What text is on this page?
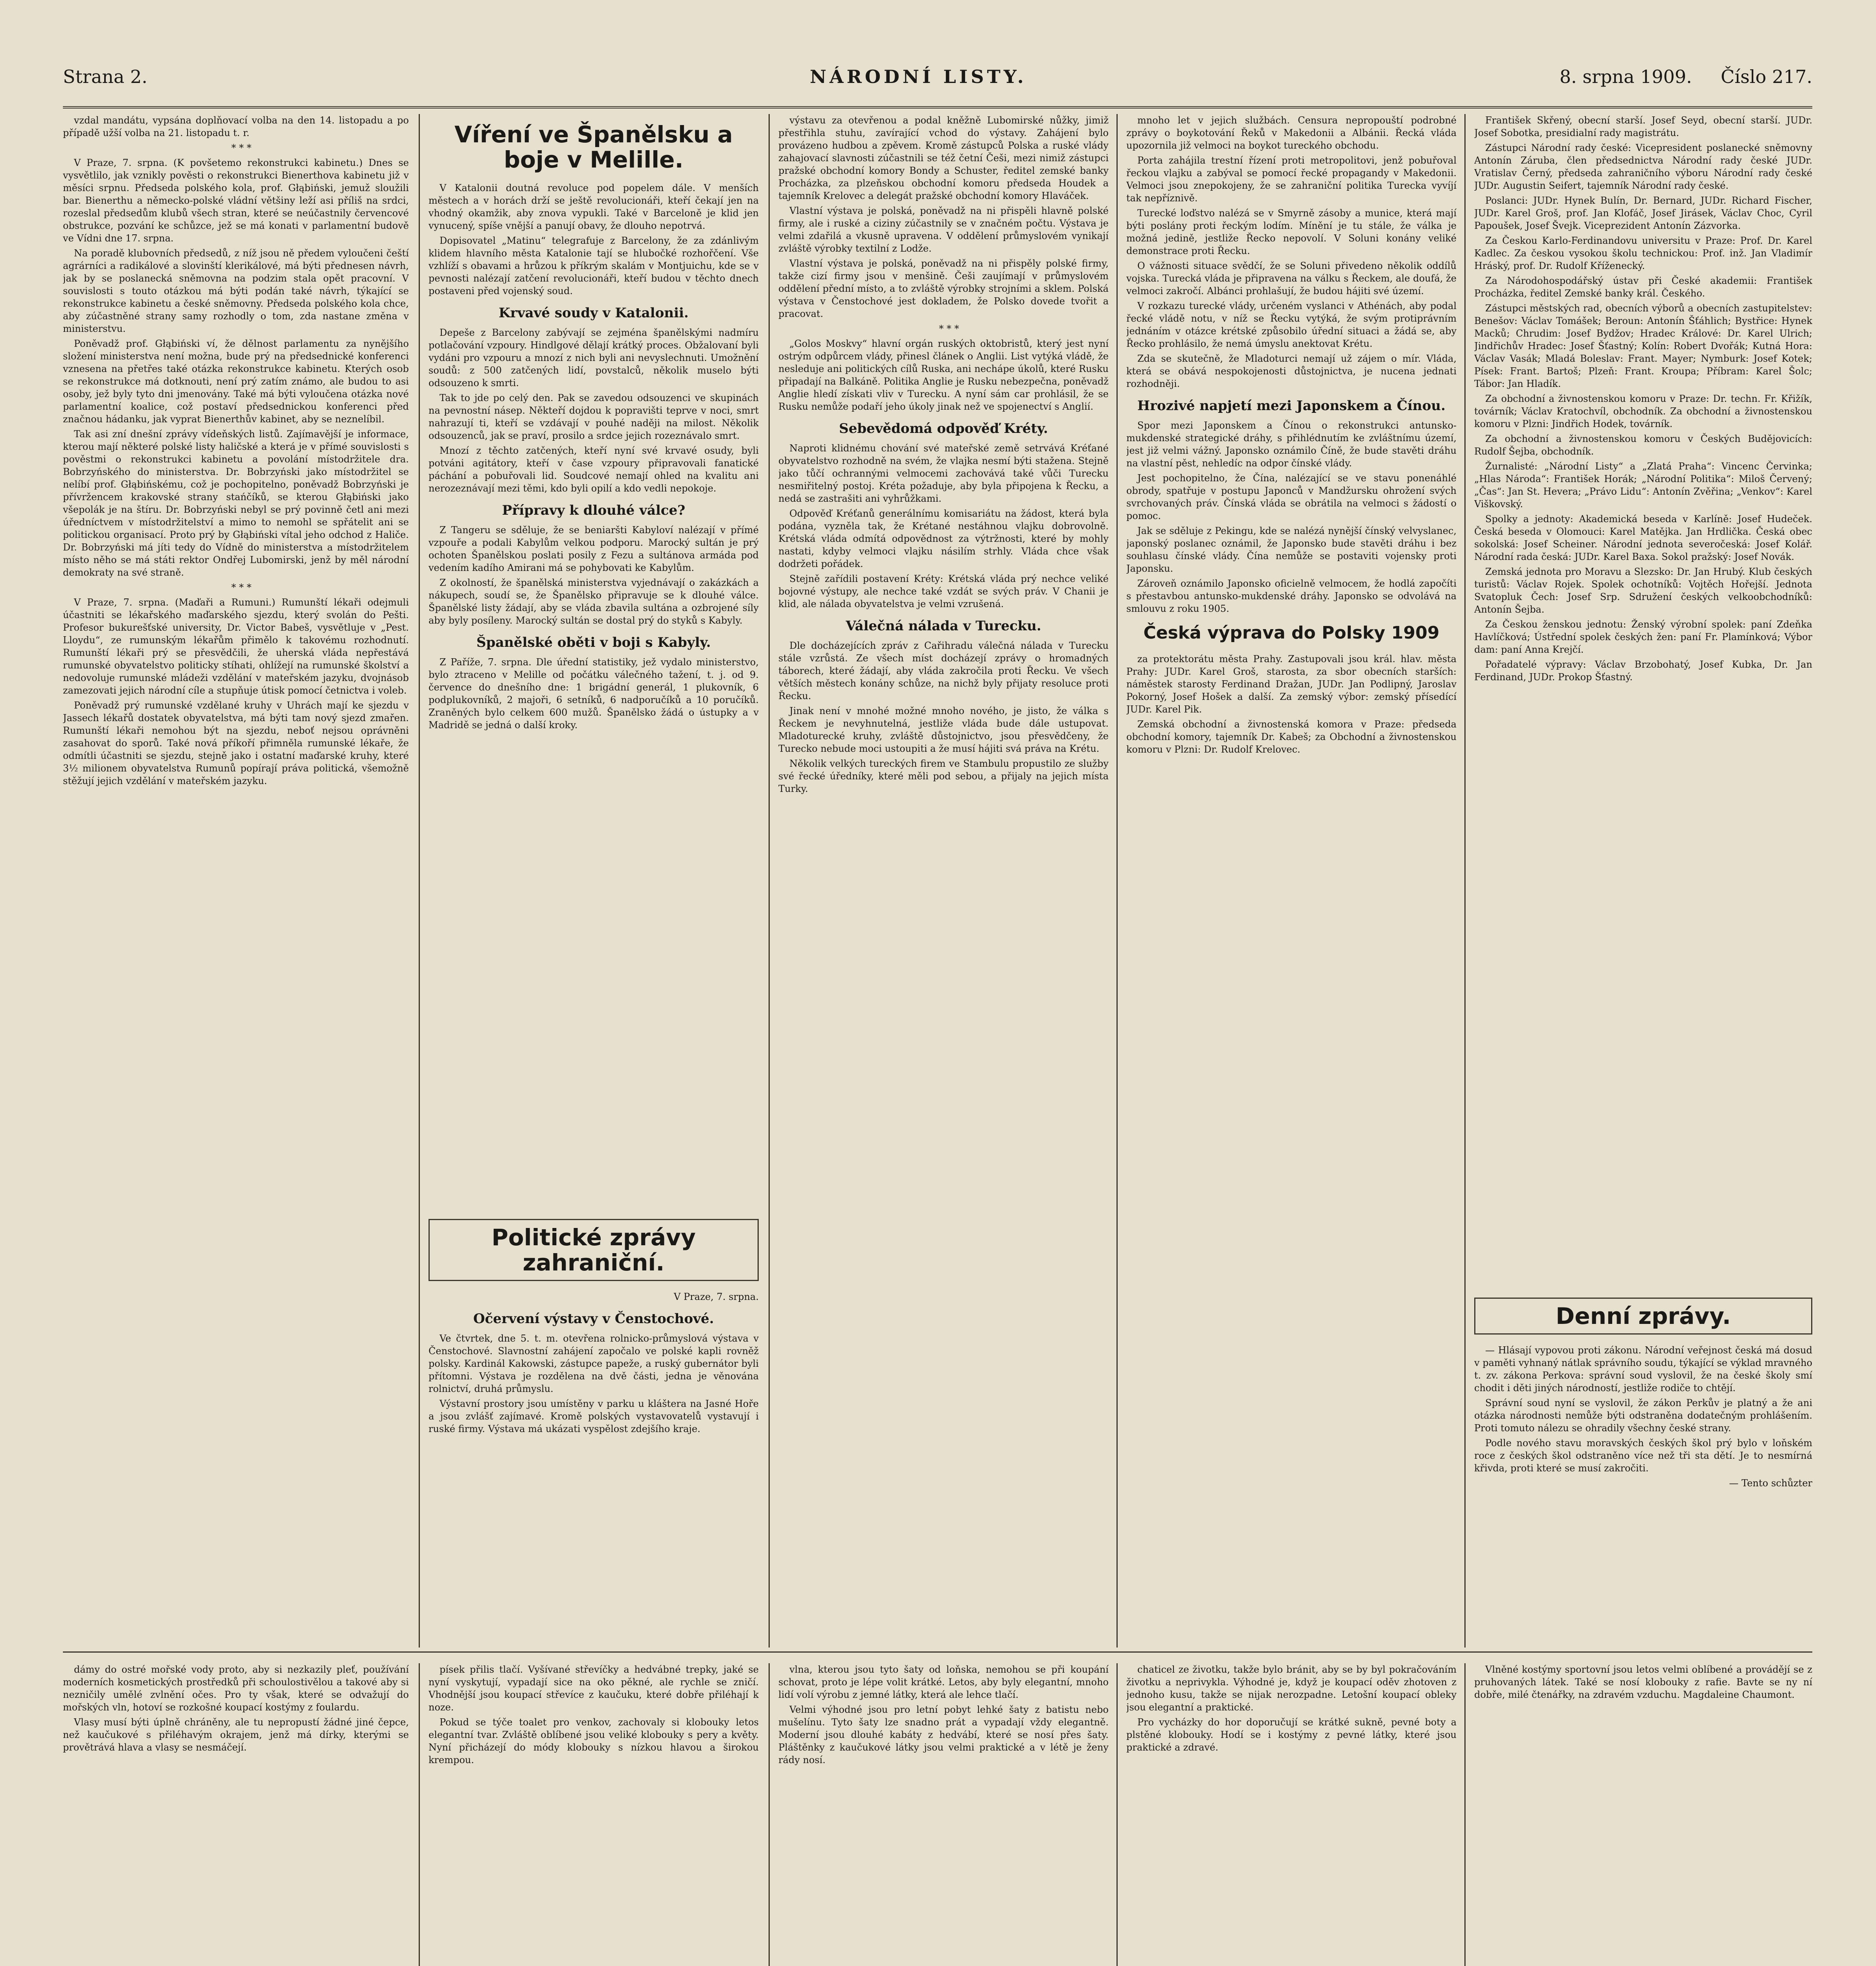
Strana 2.	NÁRODNÍ LISTY.	8. srpna 1909. Číslo 217.

vzdal mandátu, vypsána doplňovací volba na den 14. listopadu a po případě užší volba na 21. listopadu t. r.

* * *

V Praze, 7. srpna. (K povšetemo rekonstrukci kabinetu.) Dnes se vysvětlilo, jak vznikly pověsti o rekonstrukci Bienerthova kabinetu již v měsíci srpnu. Předseda polského kola, prof. Głąbiński, jemuž sloužili bar. Bienerthu a německo-polské vládní většiny leží asi příliš na srdci, rozeslal předsedům klubů všech stran, které se neúčastnily červencové obstrukce, pozvání ke schůzce, jež se má konati v parlamentní budově ve Vídni dne 17. srpna.

Na poradě klubovních předsedů, z níž jsou ně předem vyloučeni čeští agrárníci a radikálové a slovinští klerikálové, má býti přednesen návrh, jak by se poslanecká sněmovna na podzim stala opět pracovní. V souvislosti s touto otázkou má býti podán také návrh, týkající se rekonstrukce kabinetu a české sněmovny. Předseda polského kola chce, aby zúčastněné strany samy rozhodly o tom, zda nastane změna v ministerstvu.

Poněvadž prof. Głąbiński ví, že dělnost parlamentu za nynějšího složení ministerstva není možna, bude prý na předsednické konferenci vznesena na přetřes také otázka rekonstrukce kabinetu. Kterých osob se rekonstrukce má dotknouti, není prý zatím známo, ale budou to asi osoby, jež byly tyto dni jmenovány. Také má býti vyloučena otázka nové parlamentní koalice, což postaví předsednickou konferenci před značnou hádanku, jak vyprat Bienerthův kabinet, aby se neznelíbil.

Tak asi zní dnešní zprávy vídeňských listů. Zajímavější je informace, kterou mají některé polské listy haličské a která je v přímé souvislosti s pověstmi o rekonstrukci kabinetu a povolání místodržitele dra. Bobrzyńského do ministerstva. Dr. Bobrzyński jako místodržitel se nelíbí prof. Głąbińskému, což je pochopitelno, poněvadž Bobrzyński je přívržencem krakovské strany stańčíků, se kterou Głąbiński jako všepolák je na štíru. Dr. Bobrzyński nebyl se prý povinně četl ani mezi úředníctvem v místodržitelství a mimo to nemohl se spřátelit ani se politickou organisací. Proto prý by Głąbiński vítal jeho odchod z Haliče. Dr. Bobrzyński má jíti tedy do Vídně do ministerstva a místodržitelem místo něho se má státi rektor Ondřej Lubomirski, jenž by měl národní demokraty na své straně.

* * *

V Praze, 7. srpna. (Maďaři a Rumuni.) Rumunští lékaři odejmuli účastniti se lékařského maďarského sjezdu, který svolán do Pešti. Profesor bukurešťské university, Dr. Victor Babeš, vysvětluje v „Pest. Lloydu“, ze rumunským lékařům přimělo k takovému rozhodnutí. Rumunští lékaři prý se přesvědčili, že uherská vláda nepřestává rumunské obyvatelstvo politicky stíhati, ohlížejí na rumunské školství a nedovoluje rumunské mládeži vzdělání v mateřském jazyku, dvojnásob zamezovati jejich národní cíle a stupňuje útisk pomocí četnictva i voleb.

Poněvadž prý rumunské vzdělané kruhy v Uhrách mají ke sjezdu v Jassech lékařů dostatek obyvatelstva, má býti tam nový sjezd zmařen. Rumunští lékaři nemohou být na sjezdu, neboť nejsou oprávněni zasahovat do sporů. Také nová příkoří přimněla rumunské lékaře, že odmítli účastniti se sjezdu, stejně jako i ostatní maďarské kruhy, které 3½ milionem obyvatelstva Rumunů popírají práva politická, všemožně stěžují jejich vzdělání v mateřském jazyku.

Víření ve Španělsku a boje v Melille.

V Katalonii doutná revoluce pod popelem dále. V menších městech a v horách drží se ještě revolucionáři, kteří čekají jen na vhodný okamžik, aby znova vypukli. Také v Barceloně je klid jen vynucený, spíše vnější a panují obavy, že dlouho nepotrvá.

Dopisovatel „Matinu“ telegrafuje z Barcelony, že za zdánlivým klidem hlavního města Katalonie tají se hlubočké rozhořčení. Vše vzhlíží s obavami a hrůzou k příkrým skalám v Montjuichu, kde se v pevnosti nalézají zatčení revolucionáři, kteří budou v těchto dnech postaveni před vojenský soud.

Krvavé soudy v Katalonii.

Depeše z Barcelony zabývají se zejména španělskými nadmíru potlačování vzpoury. Hindlgové dělají krátký proces. Obžalovaní byli vydáni pro vzpouru a mnozí z nich byli ani nevyslechnuti. Umožnění soudů: z 500 zatčených lidí, povstalců, několik muselo býti odsouzeno k smrti.

Tak to jde po celý den. Pak se zavedou odsouzenci ve skupinách na pevnostní násep. Někteří dojdou k popravišti teprve v noci, smrt nahrazují ti, kteří se vzdávají v pouhé naději na milost. Několik odsouzenců, jak se praví, prosilo a srdce jejich rozeznávalo smrt.

Mnozí z těchto zatčených, kteří nyní své krvavé osudy, byli potváni agitátory, kteří v čase vzpoury připravovali fanatické páchání a pobuřovali lid. Soudcové nemají ohled na kvalitu ani nerozeznávají mezi těmi, kdo byli opilí a kdo vedli nepokoje.

Přípravy k dlouhé válce?

Z Tangeru se sděluje, že se beniaršti Kabyloví nalézají v přímé vzpouře a podali Kabylům velkou podporu. Marocký sultán je prý ochoten Španělskou poslati posily z Fezu a sultánova armáda pod vedením kadího Amirani má se pohybovati ke Kabylům.

Z okolností, že španělská ministerstva vyjednávají o zakázkách a nákupech, soudí se, že Španělsko připravuje se k dlouhé válce. Španělské listy žádají, aby se vláda zbavila sultána a ozbrojené síly aby byly posíleny. Marocký sultán se dostal prý do styků s Kabyly.

Španělské oběti v boji s Kabyly.

Z Paříže, 7. srpna. Dle úřední statistiky, jež vydalo ministerstvo, bylo ztraceno v Melille od počátku válečného tažení, t. j. od 9. července do dnešního dne: 1 brigádní generál, 1 plukovník, 6 podplukovníků, 2 majoři, 6 setníků, 6 nadporučíků a 10 poručíků. Zraněných bylo celkem 600 mužů. Španělsko žádá o ústupky a v Madridě se jedná o další kroky.

Politické zprávy zahraniční.

V Praze, 7. srpna.

Očervení výstavy v Čenstochové.

Ve čtvrtek, dne 5. t. m. otevřena rolnicko-průmyslová výstava v Čenstochové. Slavnostní zahájení započalo ve polské kapli rovněž polsky. Kardinál Kakowski, zástupce papeže, a ruský gubernátor byli přítomni. Výstava je rozdělena na dvě části, jedna je věnována rolnictví, druhá průmyslu.

Výstavní prostory jsou umístěny v parku u kláštera na Jasné Hoře a jsou zvlášť zajímavé. Kromě polských vystavovatelů vystavují i ruské firmy. Výstava má ukázati vyspělost zdejšího kraje.

výstavu za otevřenou a podal kněžně Lubomirské nůžky, jimiž přestřihla stuhu, zavírající vchod do výstavy. Zahájení bylo provázeno hudbou a zpěvem. Kromě zástupců Polska a ruské vlády zahajovací slavnosti zúčastnili se též četní Češi, mezi nimiž zástupci pražské obchodní komory Bondy a Schuster, ředitel zemské banky Procházka, za plzeňskou obchodní komoru předseda Houdek a tajemník Krelovec a delegát pražské obchodní komory Hlaváček.

Vlastní výstava je polská, poněvadž na ni přispěli hlavně polské firmy, ale i ruské a ciziny zúčastnily se v značném počtu. Výstava je velmi zdařilá a vkusně upravena. V oddělení průmyslovém vynikají zvláště výrobky textilní z Lodže.

Vlastní výstava je polská, poněvadž na ni přispěly polské firmy, takže cizí firmy jsou v menšině. Češi zaujímají v průmyslovém oddělení přední místo, a to zvláště výrobky strojními a sklem. Polská výstava v Čenstochové jest dokladem, že Polsko dovede tvořit a pracovat.

* * *

„Golos Moskvy“ hlavní orgán ruských oktobristů, který jest nyní ostrým odpůrcem vlády, přinesl článek o Anglii. List vytýká vládě, že nesleduje ani politických cílů Ruska, ani nechápe úkolů, které Rusku připadají na Balkáně. Politika Anglie je Rusku nebezpečna, poněvadž Anglie hledí získati vliv v Turecku. A nyní sám car prohlásil, že se Rusku nemůže podaří jeho úkoly jinak než ve spojenectví s Anglií.

Sebevědomá odpověď Kréty.

Naproti klidnému chování své mateřské země setrvává Kréťané obyvatelstvo rozhodně na svém, že vlajka nesmí býti stažena. Stejně jako tůčí ochrannými velmocemi zachovává také vůči Turecku nesmiřitelný postoj. Kréta požaduje, aby byla připojena k Řecku, a nedá se zastrašiti ani vyhrůžkami.

Odpověď Kréťanů generálnímu komisariátu na žádost, která byla podána, vyzněla tak, že Krétané nestáhnou vlajku dobrovolně. Krétská vláda odmítá odpovědnost za výtržnosti, které by mohly nastati, kdyby velmoci vlajku násilím strhly. Vláda chce však dodržeti pořádek.

Stejně zařídili postavení Kréty: Krétská vláda prý nechce veliké bojovné výstupy, ale nechce také vzdát se svých práv. V Chanii je klid, ale nálada obyvatelstva je velmi vzrušená.

Válečná nálada v Turecku.

Dle docházejících zpráv z Cařihradu válečná nálada v Turecku stále vzrůstá. Ze všech míst docházejí zprávy o hromadných táborech, které žádají, aby vláda zakročila proti Řecku. Ve všech větších městech konány schůze, na nichž byly přijaty resoluce proti Řecku.

Jinak není v mnohé možné mnoho nového, je jisto, že válka s Řeckem je nevyhnutelná, jestliže vláda bude dále ustupovat. Mladoturecké kruhy, zvláště důstojnictvo, jsou přesvědčeny, že Turecko nebude moci ustoupiti a že musí hájiti svá práva na Krétu.

Několik velkých tureckých firem ve Stambulu propustilo ze služby své řecké úředníky, které měli pod sebou, a přijaly na jejich místa Turky.

mnoho let v jejich službách. Censura nepropouští podrobné zprávy o boykotování Řeků v Makedonii a Albánii. Řecká vláda upozornila již velmoci na boykot tureckého obchodu.

Porta zahájila trestní řízení proti metropolitovi, jenž pobuřoval řeckou vlajku a zabýval se pomocí řecké propagandy v Makedonii. Velmoci jsou znepokojeny, že se zahraniční politika Turecka vyvíjí tak nepříznivě.

Turecké loďstvo nalézá se v Smyrně zásoby a munice, která mají býti poslány proti řeckým lodím. Mínění je tu stále, že válka je možná jedině, jestliže Řecko nepovolí. V Soluni konány veliké demonstrace proti Řecku.

O vážnosti situace svědčí, že se Soluni přivedeno několik oddílů vojska. Turecká vláda je připravena na válku s Řeckem, ale doufá, že velmoci zakročí. Albánci prohlašují, že budou hájiti své území.

V rozkazu turecké vlády, určeném vyslanci v Athénách, aby podal řecké vládě notu, v níž se Řecku vytýká, že svým protiprávním jednáním v otázce krétské způsobilo úřední situaci a žádá se, aby Řecko prohlásilo, že nemá úmyslu anektovat Krétu.

Zda se skutečně, že Mladoturci nemají už zájem o mír. Vláda, která se obává nespokojenosti důstojnictva, je nucena jednati rozhodněji.

Hrozivé napjetí mezi Japonskem a Čínou.

Spor mezi Japonskem a Čínou o rekonstrukci antunsko-mukdenské strategické dráhy, s přihlédnutím ke zvláštnímu území, jest již velmi vážný. Japonsko oznámilo Číně, že bude stavěti dráhu na vlastní pěst, nehledíc na odpor čínské vlády.

Jest pochopitelno, že Čína, nalézající se ve stavu ponenáhlé obrody, spatřuje v postupu Japonců v Mandžursku ohrožení svých svrchovaných práv. Čínská vláda se obrátila na velmoci s žádostí o pomoc.

Jak se sděluje z Pekingu, kde se nalézá nynější čínský velvyslanec, japonský poslanec oznámil, že Japonsko bude stavěti dráhu i bez souhlasu čínské vlády. Čína nemůže se postaviti vojensky proti Japonsku.

Zároveň oznámilo Japonsko oficielně velmocem, že hodlá započíti s přestavbou antunsko-mukdenské dráhy. Japonsko se odvolává na smlouvu z roku 1905.

Česká výprava do Polsky 1909

za protektorátu města Prahy. Zastupovali jsou král. hlav. města Prahy: JUDr. Karel Groš, starosta, za sbor obecních starších: náměstek starosty Ferdinand Dražan, JUDr. Jan Podlipný, Jaroslav Pokorný, Josef Hošek a další. Za zemský výbor: zemský přísedící JUDr. Karel Pik.

Zemská obchodní a živnostenská komora v Praze: předseda obchodní komory, tajemník Dr. Kabeš; za Obchodní a živnostenskou komoru v Plzni: Dr. Rudolf Krelovec.

František Skřený, obecní starší. Josef Seyd, obecní starší. JUDr. Josef Sobotka, presidialní rady magistrátu.

Zástupci Národní rady české: Vicepresident poslanecké sněmovny Antonín Záruba, člen předsednictva Národní rady české JUDr. Vratislav Černý, předseda zahraničního výboru Národní rady české JUDr. Augustin Seifert, tajemník Národní rady české.

Poslanci: JUDr. Hynek Bulín, Dr. Bernard, JUDr. Richard Fischer, JUDr. Karel Groš, prof. Jan Klofáč, Josef Jirásek, Václav Choc, Cyril Papoušek, Josef Švejk. Viceprezident Antonín Zázvorka.

Za Českou Karlo-Ferdinandovu universitu v Praze: Prof. Dr. Karel Kadlec. Za českou vysokou školu technickou: Prof. inž. Jan Vladimír Hráský, prof. Dr. Rudolf Kříženecký.

Za Národohospodářský ústav při České akademii: František Procházka, ředitel Zemské banky král. Českého.

Zástupci městských rad, obecních výborů a obecních zastupitelstev: Benešov: Václav Tomášek; Beroun: Antonín Šťáhlich; Bystřice: Hynek Macků; Chrudim: Josef Bydžov; Hradec Králové: Dr. Karel Ulrich; Jindřichův Hradec: Josef Šťastný; Kolín: Robert Dvořák; Kutná Hora: Václav Vasák; Mladá Boleslav: Frant. Mayer; Nymburk: Josef Kotek; Písek: Frant. Bartoš; Plzeň: Frant. Kroupa; Příbram: Karel Šolc; Tábor: Jan Hladík.

Za obchodní a živnostenskou komoru v Praze: Dr. techn. Fr. Křižík, továrník; Václav Kratochvíl, obchodník. Za obchodní a živnostenskou komoru v Plzni: Jindřich Hodek, továrník.

Za obchodní a živnostenskou komoru v Českých Budějovicích: Rudolf Šejba, obchodník.

Žurnalisté: „Národní Listy“ a „Zlatá Praha“: Vincenc Červinka; „Hlas Národa“: František Horák; „Národní Politika“: Miloš Červený; „Čas“: Jan St. Hevera; „Právo Lidu“: Antonín Zvěřina; „Venkov“: Karel Viškovský.

Spolky a jednoty: Akademická beseda v Karlíně: Josef Hudeček. Česká beseda v Olomouci: Karel Matějka. Jan Hrdlička. Česká obec sokolská: Josef Scheiner. Národní jednota severočeská: Josef Kolář. Národní rada česká: JUDr. Karel Baxa. Sokol pražský: Josef Novák.

Zemská jednota pro Moravu a Slezsko: Dr. Jan Hrubý. Klub českých turistů: Václav Rojek. Spolek ochotníků: Vojtěch Hořejší. Jednota Svatopluk Čech: Josef Srp. Sdružení českých velkoobchodníků: Antonín Šejba.

Za Českou ženskou jednotu: Ženský výrobní spolek: paní Zdeňka Havlíčková; Ústřední spolek českých žen: paní Fr. Plamínková; Výbor dam: paní Anna Krejčí.

Pořadatelé výpravy: Václav Brzobohatý, Josef Kubka, Dr. Jan Ferdinand, JUDr. Prokop Šťastný.

Denní zprávy.

— Hlásají vypovou proti zákonu. Národní veřejnost česká má dosud v paměti vyhnaný nátlak správního soudu, týkající se výklad mravného t. zv. zákona Perkova: správní soud vyslovil, že na české školy smí chodit i děti jiných národností, jestliže rodiče to chtějí.

Správní soud nyní se vyslovil, že zákon Perkův je platný a že ani otázka národnosti nemůže býti odstraněna dodatečným prohlášením. Proti tomuto nálezu se ohradily všechny české strany.

Podle nového stavu moravských českých škol prý bylo v loňském roce z českých škol odstraněno více než tři sta dětí. Je to nesmírná křivda, proti které se musí zakročiti.

— Tento schůzter

dámy do ostré mořské vody proto, aby si nezkazily pleť, používání moderních kosmetických prostředků při schoulostivělou a takové aby si nezničily umělé zvlnění očes. Pro ty však, které se odvažují do mořských vln, hotoví se rozkošné koupací kostýmy z foulardu.

Vlasy musí býti úplně chráněny, ale tu nepropustí žádné jiné čepce, než kaučukové s přiléhavým okrajem, jenž má dírky, kterými se provětrává hlava a vlasy se nesmáčejí.

písek přilis tlačí. Vyšívané střevíčky a hedvábné trepky, jaké se nyní vyskytují, vypadají sice na oko pěkné, ale rychle se zničí. Vhodnější jsou koupací střevíce z kaučuku, které dobře přiléhají k noze.

Pokud se týče toalet pro venkov, zachovaly si klobouky letos elegantní tvar. Zvláště oblíbené jsou veliké klobouky s pery a květy. Nyní přicházejí do módy klobouky s nízkou hlavou a širokou krempou.

vlna, kterou jsou tyto šaty od loňska, nemohou se při koupání schovat, proto je lépe volit krátké. Letos, aby byly elegantní, mnoho lidí volí výrobu z jemné látky, která ale lehce tlačí.

Velmi výhodné jsou pro letní pobyt lehké šaty z batistu nebo mušelínu. Tyto šaty lze snadno prát a vypadají vždy elegantně. Moderní jsou dlouhé kabáty z hedvábí, které se nosí přes šaty. Pláštěnky z kaučukové látky jsou velmi praktické a v létě je ženy rády nosí.

chaticel ze životku, takže bylo bránit, aby se by byl pokračováním životku a neprivykla. Výhodné je, když je koupací oděv zhotoven z jednoho kusu, takže se nijak nerozpadne. Letošní koupací obleky jsou elegantní a praktické.

Pro vycházky do hor doporučují se krátké sukně, pevné boty a plstěné klobouky. Hodí se i kostýmy z pevné látky, které jsou praktické a zdravé.

Vlněné kostýmy sportovní jsou letos velmi oblíbené a provádějí se z pruhovaných látek. Také se nosí klobouky z rafie. Bavte se ny ní dobře, milé čtenářky, na zdravém vzduchu. Magdaleine Chaumont.
